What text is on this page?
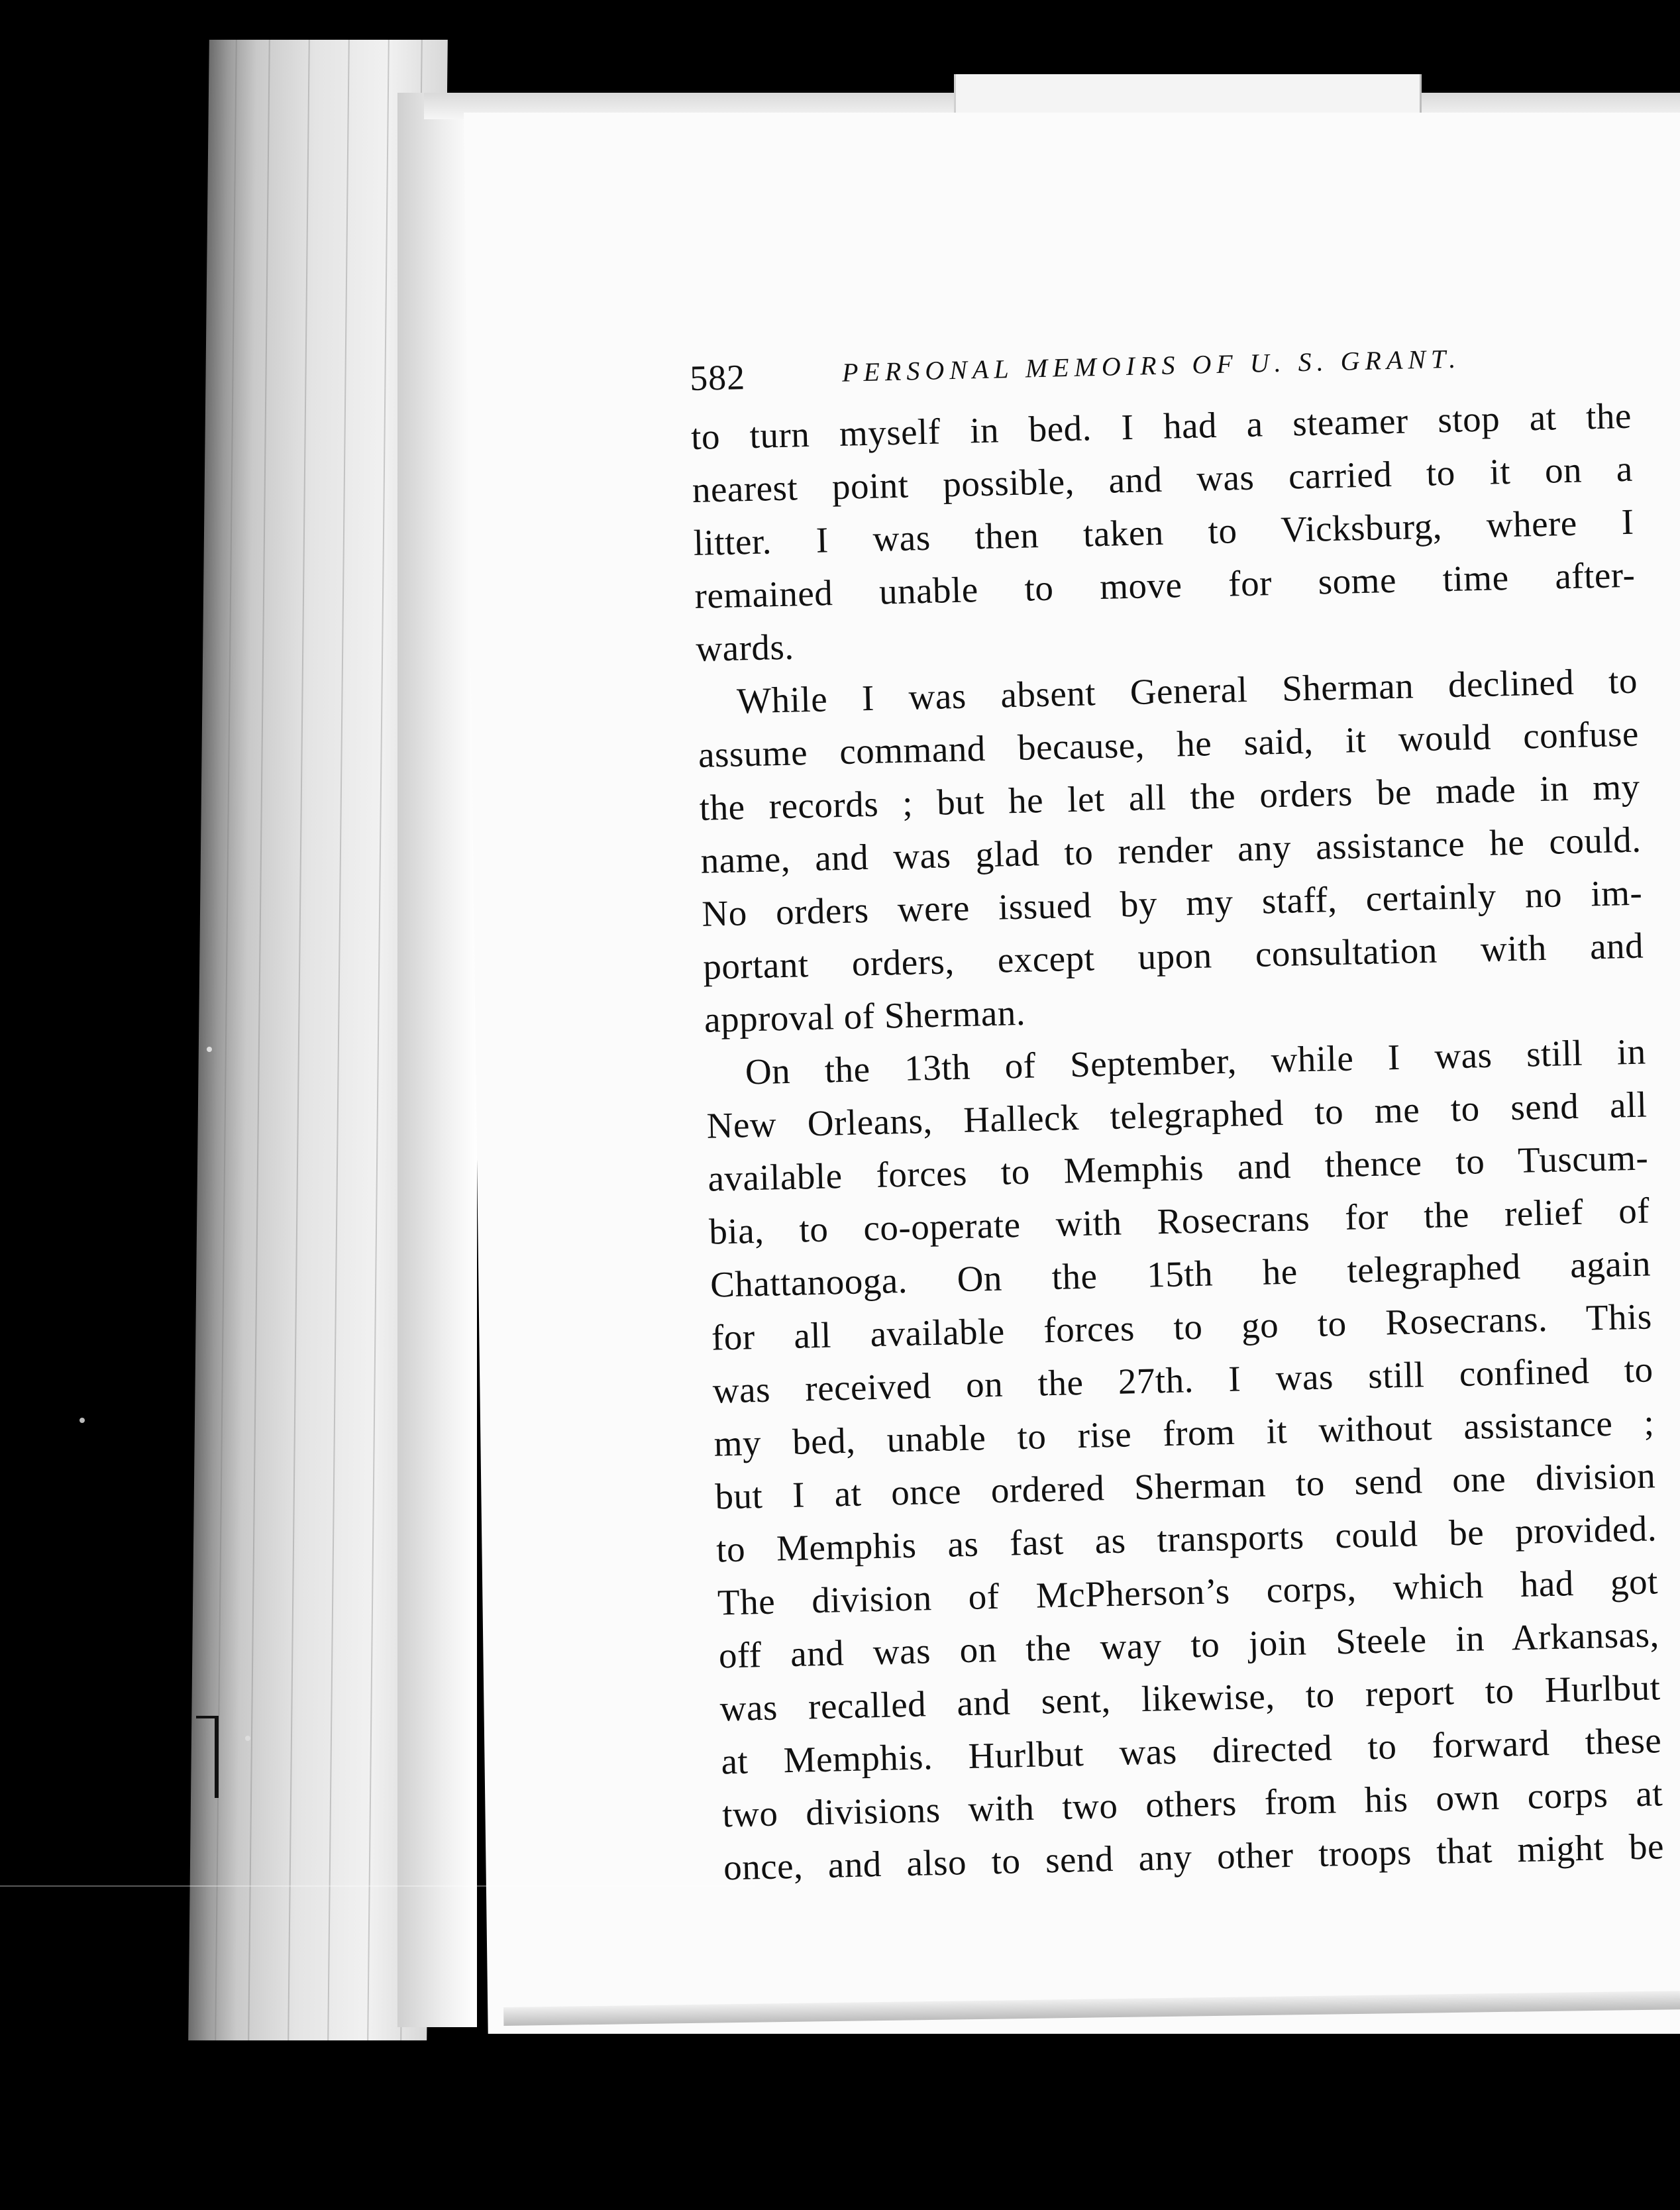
582	PERSONAL MEMOIRS OF U. S. GRANT.
to turn myself in bed. I had a steamer stop at the
nearest point possible, and was carried to it on a
litter. I was then taken to Vicksburg, where I
remained unable to move for some time after-
wards.
While I was absent General Sherman declined to
assume command because, he said, it would confuse
the records ; but he let all the orders be made in my
name, and was glad to render any assistance he could.
No orders were issued by my staff, certainly no im-
portant orders, except upon consultation with and
approval of Sherman.
On the 13th of September, while I was still in
New Orleans, Halleck telegraphed to me to send all
available forces to Memphis and thence to Tuscum-
bia, to co-operate with Rosecrans for the relief of
Chattanooga. On the 15th he telegraphed again
for all available forces to go to Rosecrans. This
was received on the 27th. I was still confined to
my bed, unable to rise from it without assistance ;
but I at once ordered Sherman to send one division
to Memphis as fast as transports could be provided.
The division of McPherson’s corps, which had got
off and was on the way to join Steele in Arkansas,
was recalled and sent, likewise, to report to Hurlbut
at Memphis. Hurlbut was directed to forward these
two divisions with two others from his own corps at
once, and also to send any other troops that might be
